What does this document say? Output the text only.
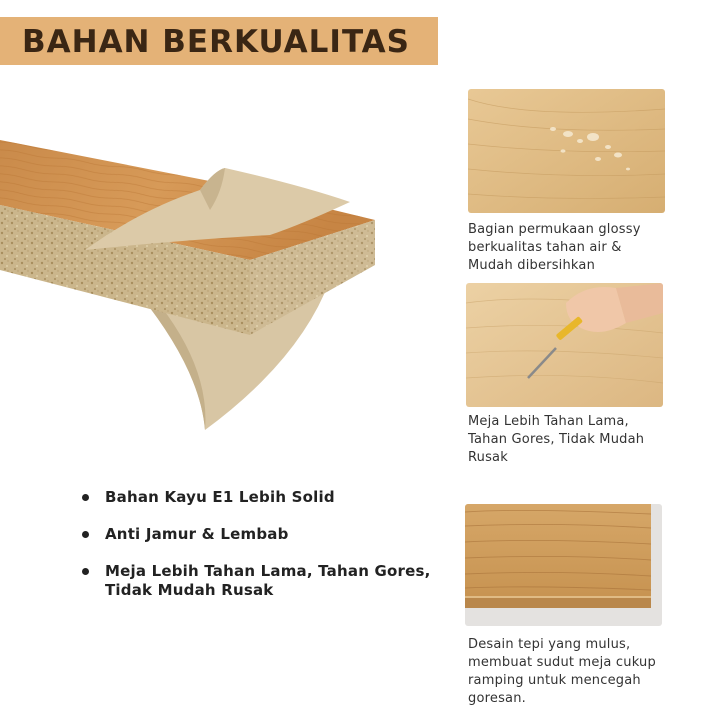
BAHAN BERKUALITAS
Bagian permukaan glossy
berkualitas tahan air &
Mudah dibersihkan
Meja Lebih Tahan Lama,
Tahan Gores, Tidak Mudah
Rusak
Desain tepi yang mulus,
membuat sudut meja cukup
ramping untuk mencegah
goresan.
Bahan Kayu E1 Lebih Solid
Anti Jamur & Lembab
Meja Lebih Tahan Lama, Tahan Gores,
Tidak Mudah Rusak
